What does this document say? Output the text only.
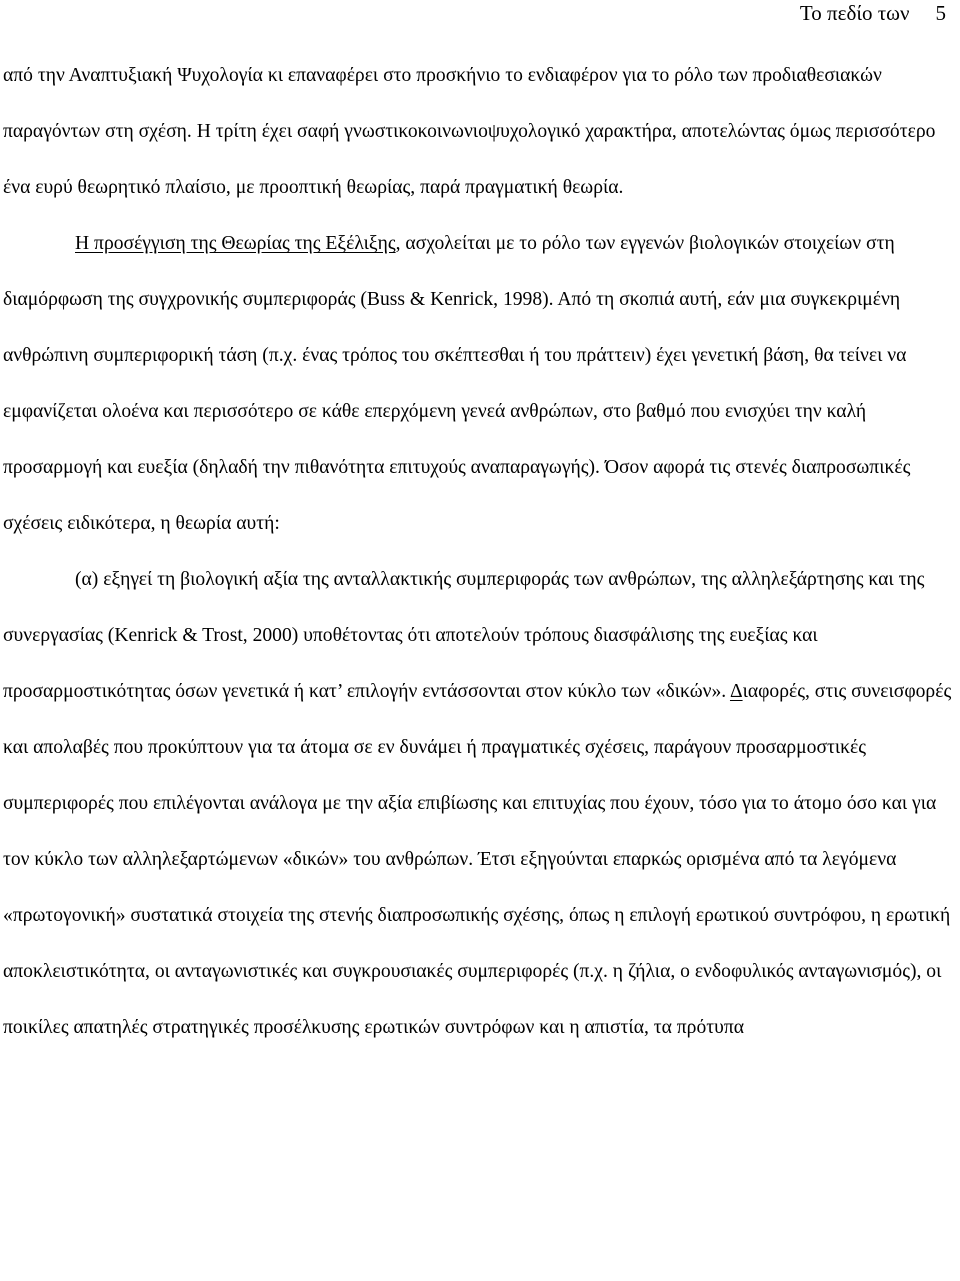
Το πεδίο των 5

από την Αναπτυξιακή Ψυχολογία κι επαναφέρει στο προσκήνιο το ενδιαφέρον για το ρόλο των προδιαθεσιακών παραγόντων στη σχέση. Η τρίτη έχει σαφή γνωστικοκοινωνιοψυχολογικό χαρακτήρα, αποτελώντας όμως περισσότερο ένα ευρύ θεωρητικό πλαίσιο, με προοπτική θεωρίας, παρά πραγματική θεωρία.

Η προσέγγιση της Θεωρίας της Εξέλιξης, ασχολείται με το ρόλο των εγγενών βιολογικών στοιχείων στη διαμόρφωση της συγχρονικής συμπεριφοράς (Buss & Kenrick, 1998). Από τη σκοπιά αυτή, εάν μια συγκεκριμένη ανθρώπινη συμπεριφορική τάση (π.χ. ένας τρόπος του σκέπτεσθαι ή του πράττειν) έχει γενετική βάση, θα τείνει να εμφανίζεται ολοένα και περισσότερο σε κάθε επερχόμενη γενεά ανθρώπων, στο βαθμό που ενισχύει την καλή προσαρμογή και ευεξία (δηλαδή την πιθανότητα επιτυχούς αναπαραγωγής). Όσον αφορά τις στενές διαπροσωπικές σχέσεις ειδικότερα, η θεωρία αυτή:

(α) εξηγεί τη βιολογική αξία της ανταλλακτικής συμπεριφοράς των ανθρώπων, της αλληλεξάρτησης και της συνεργασίας (Kenrick & Trost, 2000) υποθέτοντας ότι αποτελούν τρόπους διασφάλισης της ευεξίας και προσαρμοστικότητας όσων γενετικά ή κατ’ επιλογήν εντάσσονται στον κύκλο των «δικών». Διαφορές, στις συνεισφορές και απολαβές που προκύπτουν για τα άτομα σε εν δυνάμει ή πραγματικές σχέσεις, παράγουν προσαρμοστικές συμπεριφορές που επιλέγονται ανάλογα με την αξία επιβίωσης και επιτυχίας που έχουν, τόσο για το άτομο όσο και για τον κύκλο των αλληλεξαρτώμενων «δικών» του ανθρώπων. Έτσι εξηγούνται επαρκώς ορισμένα από τα λεγόμενα «πρωτογονική» συστατικά στοιχεία της στενής διαπροσωπικής σχέσης, όπως η επιλογή ερωτικού συντρόφου, η ερωτική αποκλειστικότητα, οι ανταγωνιστικές και συγκρουσιακές συμπεριφορές (π.χ. η ζήλια, ο ενδοφυλικός ανταγωνισμός), οι ποικίλες απατηλές στρατηγικές προσέλκυσης ερωτικών συντρόφων και η απιστία, τα πρότυπα
